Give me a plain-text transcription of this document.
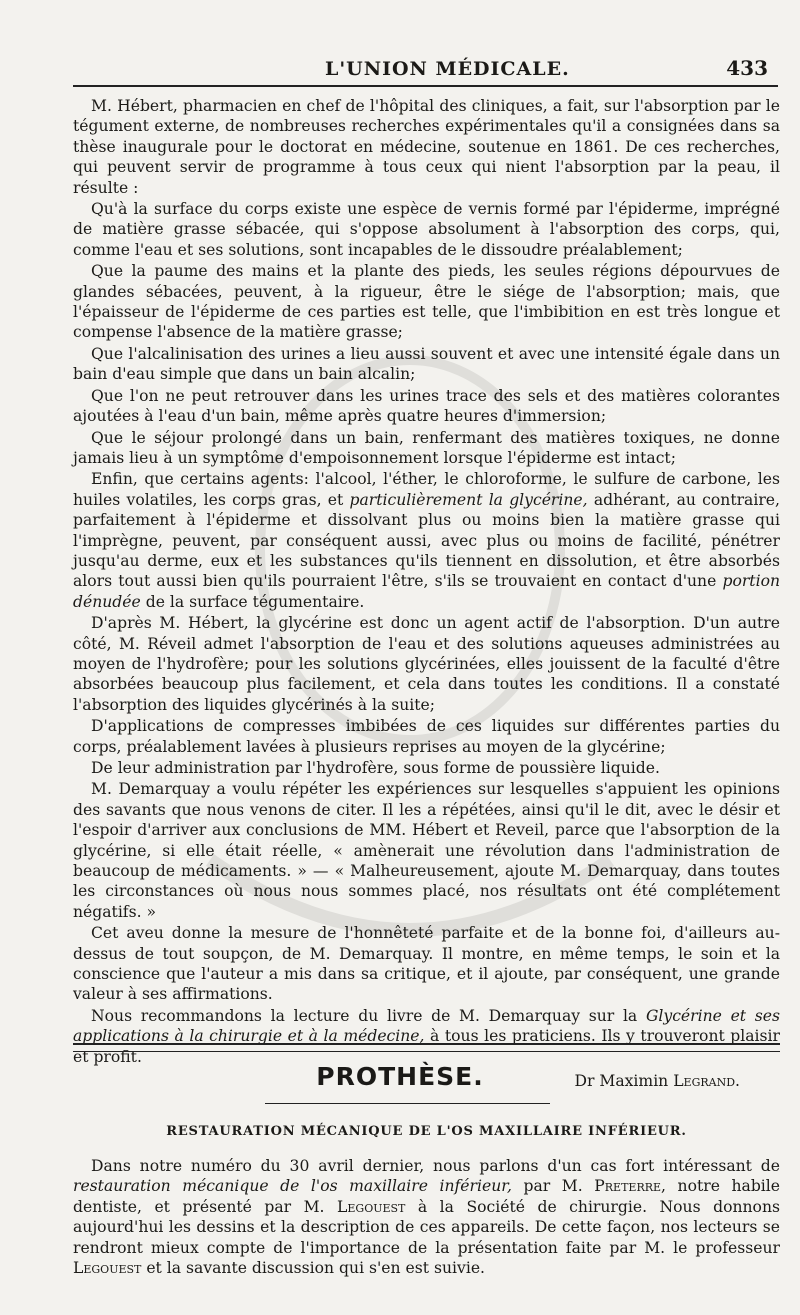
L'UNION MÉDICALE.	433

M. Hébert, pharmacien en chef de l'hôpital des cliniques, a fait, sur l'absorption par le tégument externe, de nombreuses recherches expérimentales qu'il a consignées dans sa thèse inaugurale pour le doctorat en médecine, soutenue en 1861. De ces recherches, qui peuvent servir de programme à tous ceux qui nient l'absorption par la peau, il résulte :

Qu'à la surface du corps existe une espèce de vernis formé par l'épiderme, imprégné de matière grasse sébacée, qui s'oppose absolument à l'absorption des corps, qui, comme l'eau et ses solutions, sont incapables de le dissoudre préalablement;

Que la paume des mains et la plante des pieds, les seules régions dépourvues de glandes sébacées, peuvent, à la rigueur, être le siége de l'absorption; mais, que l'épaisseur de l'épiderme de ces parties est telle, que l'imbibition en est très longue et compense l'absence de la matière grasse;

Que l'alcalinisation des urines a lieu aussi souvent et avec une intensité égale dans un bain d'eau simple que dans un bain alcalin;

Que l'on ne peut retrouver dans les urines trace des sels et des matières colorantes ajoutées à l'eau d'un bain, même après quatre heures d'immersion;

Que le séjour prolongé dans un bain, renfermant des matières toxiques, ne donne jamais lieu à un symptôme d'empoisonnement lorsque l'épiderme est intact;

Enfin, que certains agents: l'alcool, l'éther, le chloroforme, le sulfure de carbone, les huiles volatiles, les corps gras, et particulièrement la glycérine, adhérant, au contraire, parfaitement à l'épiderme et dissolvant plus ou moins bien la matière grasse qui l'imprègne, peuvent, par conséquent aussi, avec plus ou moins de facilité, pénétrer jusqu'au derme, eux et les substances qu'ils tiennent en dissolution, et être absorbés alors tout aussi bien qu'ils pourraient l'être, s'ils se trouvaient en contact d'une portion dénudée de la surface tégumentaire.

D'après M. Hébert, la glycérine est donc un agent actif de l'absorption. D'un autre côté, M. Réveil admet l'absorption de l'eau et des solutions aqueuses administrées au moyen de l'hydrofère; pour les solutions glycérinées, elles jouissent de la faculté d'être absorbées beaucoup plus facilement, et cela dans toutes les conditions. Il a constaté l'absorption des liquides glycérinés à la suite;

D'applications de compresses imbibées de ces liquides sur différentes parties du corps, préalablement lavées à plusieurs reprises au moyen de la glycérine;

De leur administration par l'hydrofère, sous forme de poussière liquide.

M. Demarquay a voulu répéter les expériences sur lesquelles s'appuient les opinions des savants que nous venons de citer. Il les a répétées, ainsi qu'il le dit, avec le désir et l'espoir d'arriver aux conclusions de MM. Hébert et Reveil, parce que l'absorption de la glycérine, si elle était réelle, « amènerait une révolution dans l'administration de beaucoup de médicaments. » — « Malheureusement, ajoute M. Demarquay, dans toutes les circonstances où nous nous sommes placé, nos résultats ont été complétement négatifs. »

Cet aveu donne la mesure de l'honnêteté parfaite et de la bonne foi, d'ailleurs au-dessus de tout soupçon, de M. Demarquay. Il montre, en même temps, le soin et la conscience que l'auteur a mis dans sa critique, et il ajoute, par conséquent, une grande valeur à ses affirmations.

Nous recommandons la lecture du livre de M. Demarquay sur la Glycérine et ses applications à la chirurgie et à la médecine, à tous les praticiens. Ils y trouveront plaisir et profit.

Dr Maximin Legrand.
PROTHÈSE.
RESTAURATION MÉCANIQUE DE L'OS MAXILLAIRE INFÉRIEUR.

Dans notre numéro du 30 avril dernier, nous parlons d'un cas fort intéressant de restauration mécanique de l'os maxillaire inférieur, par M. Preterre, notre habile dentiste, et présenté par M. Legouest à la Société de chirurgie. Nous donnons aujourd'hui les dessins et la description de ces appareils. De cette façon, nos lecteurs se rendront mieux compte de l'importance de la présentation faite par M. le professeur Legouest et la savante discussion qui s'en est suivie.
